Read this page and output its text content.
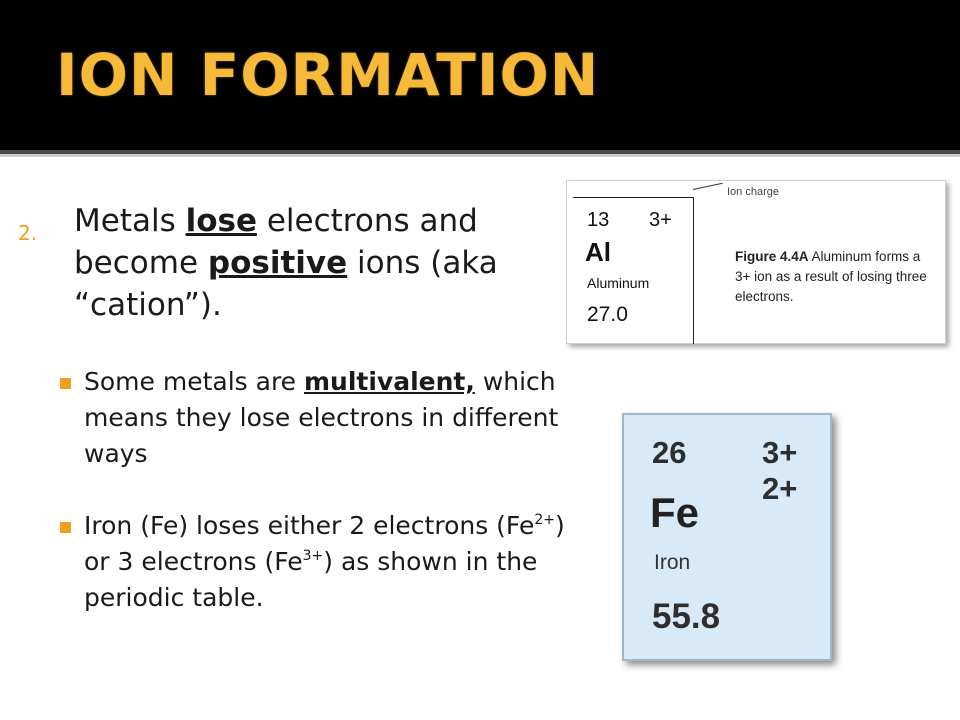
ION FORMATION
2. Metals lose electrons and become positive ions (aka “cation”).
Some metals are multivalent, which means they lose electrons in different ways
Iron (Fe) loses either 2 electrons $(Fe^{2+})$ or 3 electrons $(Fe^{3+})$ as shown in the periodic table.
Ion charge
13 3+
Al
Aluminum
27.0
Figure 4.4A Aluminum forms a 3+ ion as a result of losing three electrons.
26 3+
2+
Fe
Iron
55.8
